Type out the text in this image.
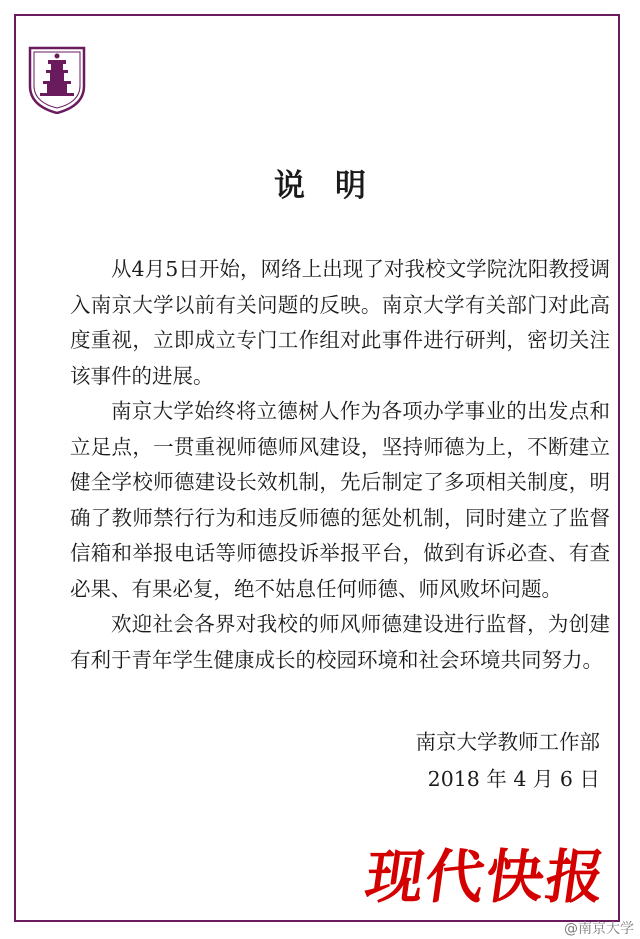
说明

从4月5日开始，网络上出现了对我校文学院沈阳教授调入南京大学以前有关问题的反映。南京大学有关部门对此高度重视，立即成立专门工作组对此事件进行研判，密切关注该事件的进展。

南京大学始终将立德树人作为各项办学事业的出发点和立足点，一贯重视师德师风建设，坚持师德为上，不断建立健全学校师德建设长效机制，先后制定了多项相关制度，明确了教师禁行行为和违反师德的惩处机制，同时建立了监督信箱和举报电话等师德投诉举报平台，做到有诉必查、有查必果、有果必复，绝不姑息任何师德、师风败坏问题。

欢迎社会各界对我校的师风师德建设进行监督，为创建有利于青年学生健康成长的校园环境和社会环境共同努力。

南京大学教师工作部
2018 年 4 月 6 日
现代快报
@南京大学
